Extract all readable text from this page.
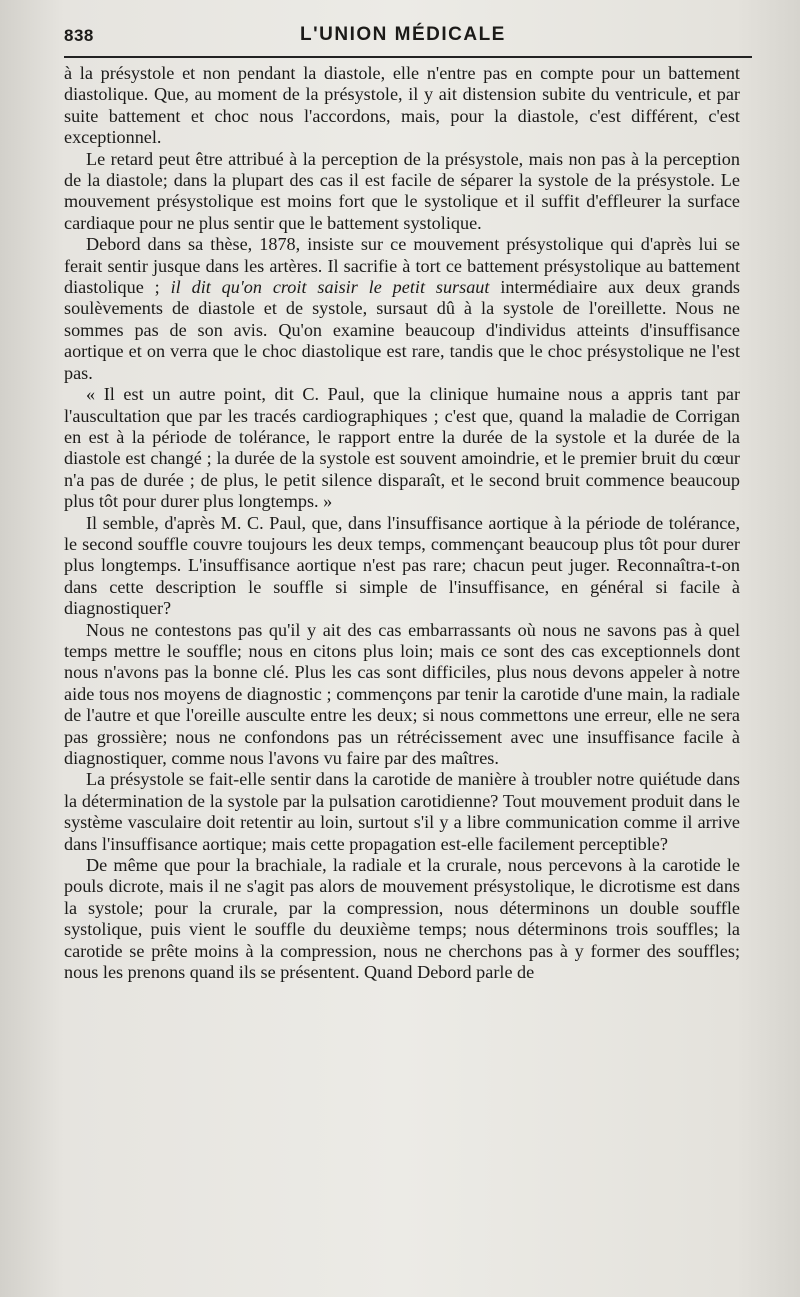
838	L'UNION MÉDICALE

à la présystole et non pendant la diastole, elle n'entre pas en compte pour un battement diastolique. Que, au moment de la présystole, il y ait distension subite du ventricule, et par suite battement et choc nous l'accordons, mais, pour la diastole, c'est différent, c'est exceptionnel.

Le retard peut être attribué à la perception de la présystole, mais non pas à la perception de la diastole; dans la plupart des cas il est facile de séparer la systole de la présystole. Le mouvement présystolique est moins fort que le systolique et il suffit d'effleurer la surface cardiaque pour ne plus sentir que le battement systolique.

Debord dans sa thèse, 1878, insiste sur ce mouvement présystolique qui d'après lui se ferait sentir jusque dans les artères. Il sacrifie à tort ce battement présystolique au battement diastolique ; il dit qu'on croit saisir le petit sursaut intermédiaire aux deux grands soulèvements de diastole et de systole, sursaut dû à la systole de l'oreillette. Nous ne sommes pas de son avis. Qu'on examine beaucoup d'individus atteints d'insuffisance aortique et on verra que le choc diastolique est rare, tandis que le choc présystolique ne l'est pas.

« Il est un autre point, dit C. Paul, que la clinique humaine nous a appris tant par l'auscultation que par les tracés cardiographiques ; c'est que, quand la maladie de Corrigan en est à la période de tolérance, le rapport entre la durée de la systole et la durée de la diastole est changé ; la durée de la systole est souvent amoindrie, et le premier bruit du cœur n'a pas de durée ; de plus, le petit silence disparaît, et le second bruit commence beaucoup plus tôt pour durer plus longtemps. »

Il semble, d'après M. C. Paul, que, dans l'insuffisance aortique à la période de tolérance, le second souffle couvre toujours les deux temps, commençant beaucoup plus tôt pour durer plus longtemps. L'insuffisance aortique n'est pas rare; chacun peut juger. Reconnaîtra-t-on dans cette description le souffle si simple de l'insuffisance, en général si facile à diagnostiquer?

Nous ne contestons pas qu'il y ait des cas embarrassants où nous ne savons pas à quel temps mettre le souffle; nous en citons plus loin; mais ce sont des cas exceptionnels dont nous n'avons pas la bonne clé. Plus les cas sont difficiles, plus nous devons appeler à notre aide tous nos moyens de diagnostic ; commençons par tenir la carotide d'une main, la radiale de l'autre et que l'oreille ausculte entre les deux; si nous commettons une erreur, elle ne sera pas grossière; nous ne confondons pas un rétrécissement avec une insuffisance facile à diagnostiquer, comme nous l'avons vu faire par des maîtres.

La présystole se fait-elle sentir dans la carotide de manière à troubler notre quiétude dans la détermination de la systole par la pulsation carotidienne? Tout mouvement produit dans le système vasculaire doit retentir au loin, surtout s'il y a libre communication comme il arrive dans l'insuffisance aortique; mais cette propagation est-elle facilement perceptible?

De même que pour la brachiale, la radiale et la crurale, nous percevons à la carotide le pouls dicrote, mais il ne s'agit pas alors de mouvement présystolique, le dicrotisme est dans la systole; pour la crurale, par la compression, nous déterminons un double souffle systolique, puis vient le souffle du deuxième temps; nous déterminons trois souffles; la carotide se prête moins à la compression, nous ne cherchons pas à y former des souffles; nous les prenons quand ils se présentent. Quand Debord parle de
